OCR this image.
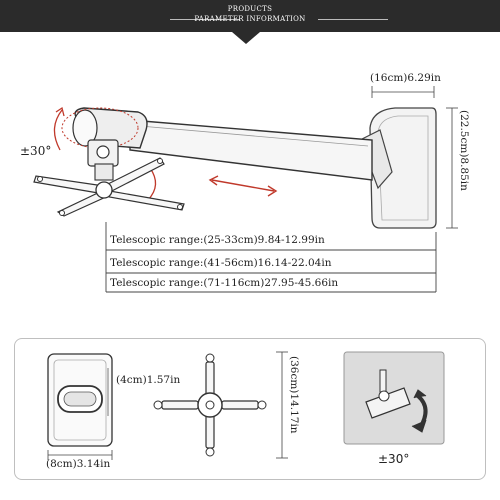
PRODUCTS
PARAMETER INFORMATION
±30°
(16cm)6.29in
(22.5cm)8.85in
Telescopic range:(25-33cm)9.84-12.99in
Telescopic range:(41-56cm)16.14-22.04in
Telescopic range:(71-116cm)27.95-45.66in
(4cm)1.57in
(8cm)3.14in
(36cm)14.17in
±30°
